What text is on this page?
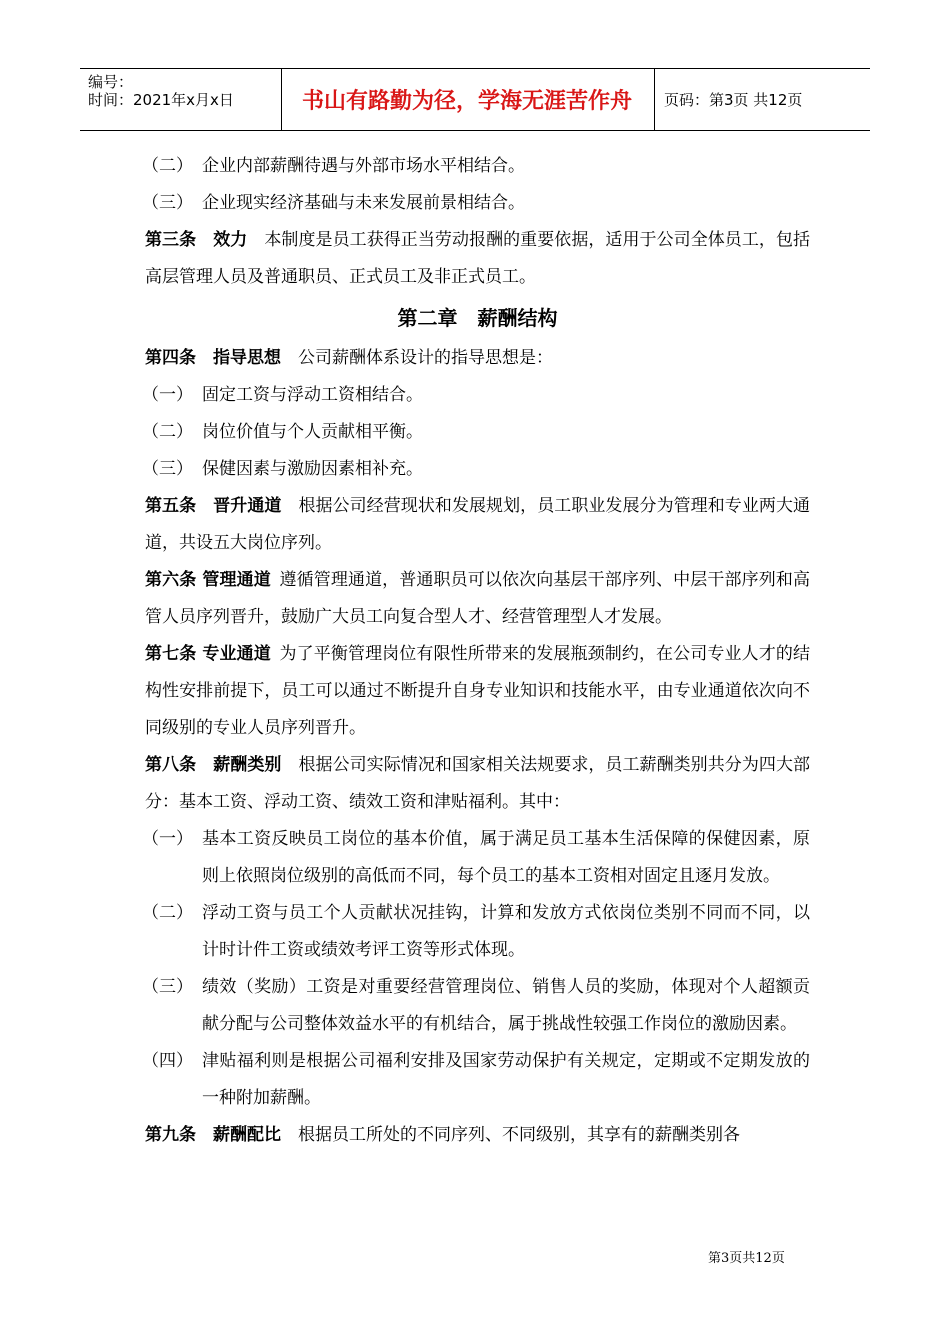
编号：
时间：2021年x月x日	书山有路勤为径，学海无涯苦作舟	页码：第3页 共12页
（二） 企业内部薪酬待遇与外部市场水平相结合。
（三） 企业现实经济基础与未来发展前景相结合。

第三条　效力  本制度是员工获得正当劳动报酬的重要依据，适用于公司全体员工，包括高层管理人员及普通职员、正式员工及非正式员工。

第二章　薪酬结构

第四条　指导思想  公司薪酬体系设计的指导思想是：

（一） 固定工资与浮动工资相结合。
（二） 岗位价值与个人贡献相平衡。
（三） 保健因素与激励因素相补充。

第五条　晋升通道  根据公司经营现状和发展规划，员工职业发展分为管理和专业两大通道，共设五大岗位序列。

第六条 管理通道  遵循管理通道，普通职员可以依次向基层干部序列、中层干部序列和高管人员序列晋升，鼓励广大员工向复合型人才、经营管理型人才发展。

第七条 专业通道  为了平衡管理岗位有限性所带来的发展瓶颈制约，在公司专业人才的结构性安排前提下，员工可以通过不断提升自身专业知识和技能水平，由专业通道依次向不同级别的专业人员序列晋升。

第八条　薪酬类别  根据公司实际情况和国家相关法规要求，员工薪酬类别共分为四大部分：基本工资、浮动工资、绩效工资和津贴福利。其中：

（一） 基本工资反映员工岗位的基本价值，属于满足员工基本生活保障的保健因素，原则上依照岗位级别的高低而不同，每个员工的基本工资相对固定且逐月发放。
（二） 浮动工资与员工个人贡献状况挂钩，计算和发放方式依岗位类别不同而不同，以计时计件工资或绩效考评工资等形式体现。
（三） 绩效（奖励）工资是对重要经营管理岗位、销售人员的奖励，体现对个人超额贡献分配与公司整体效益水平的有机结合，属于挑战性较强工作岗位的激励因素。
（四） 津贴福利则是根据公司福利安排及国家劳动保护有关规定，定期或不定期发放的一种附加薪酬。

第九条　薪酬配比  根据员工所处的不同序列、不同级别，其享有的薪酬类别各

第3页共12页
